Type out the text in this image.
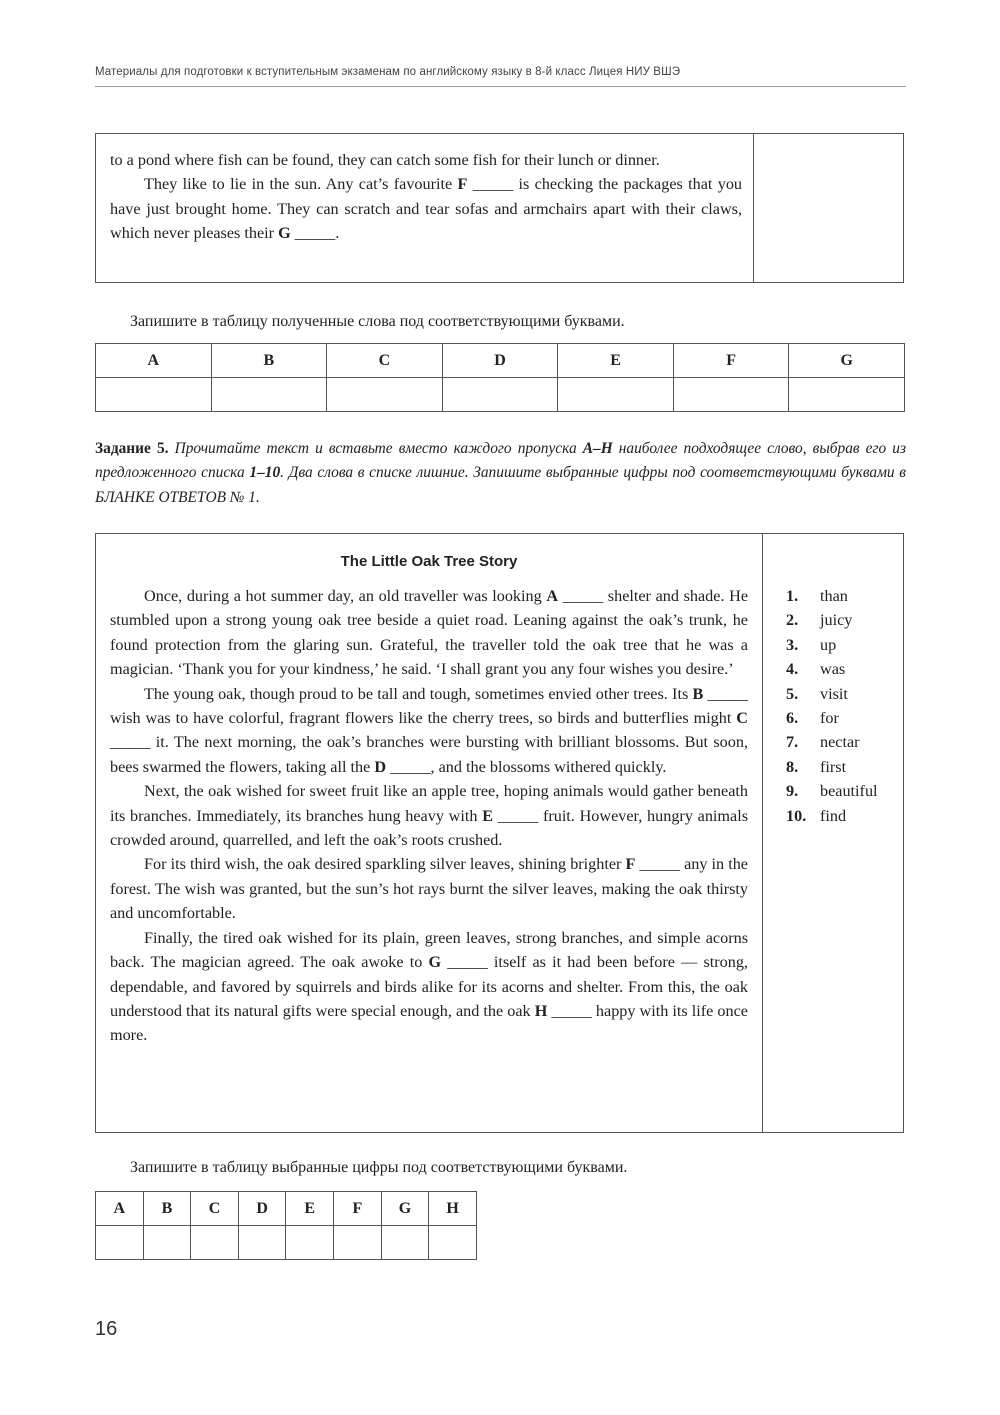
Материалы для подготовки к вступительным экзаменам по английскому языку в 8-й класс Лицея НИУ ВШЭ

to a pond where fish can be found, they can catch some fish for their lunch or dinner.

They like to lie in the sun. Any cat’s favourite F _____ is checking the packages that you have just brought home. They can scratch and tear sofas and armchairs apart with their claws, which never pleases their G _____.

Запишите в таблицу полученные слова под соответствующими буквами.
A	B	C	D	E	F	G

Задание 5. Прочитайте текст и вставьте вместо каждого пропуска A–H наиболее подходящее слово, выбрав его из предложенного списка 1–10. Два слова в списке лишние. Запишите выбранные цифры под соответствующими буквами в БЛАНКЕ ОТВЕТОВ № 1.
The Little Oak Tree Story

Once, during a hot summer day, an old traveller was looking A _____ shelter and shade. He stumbled upon a strong young oak tree beside a quiet road. Leaning against the oak’s trunk, he found protection from the glaring sun. Grateful, the traveller told the oak tree that he was a magician. ‘Thank you for your kindness,’ he said. ‘I shall grant you any four wishes you desire.’

The young oak, though proud to be tall and tough, sometimes envied other trees. Its B _____ wish was to have colorful, fragrant flowers like the cherry trees, so birds and butterflies might C _____ it. The next morning, the oak’s branches were bursting with brilliant blossoms. But soon, bees swarmed the flowers, taking all the D _____, and the blossoms withered quickly.

Next, the oak wished for sweet fruit like an apple tree, hoping animals would gather beneath its branches. Immediately, its branches hung heavy with E _____ fruit. However, hungry animals crowded around, quarrelled, and left the oak’s roots crushed.

For its third wish, the oak desired sparkling silver leaves, shining brighter F _____ any in the forest. The wish was granted, but the sun’s hot rays burnt the silver leaves, making the oak thirsty and uncomfortable.

Finally, the tired oak wished for its plain, green leaves, strong branches, and simple acorns back. The magician agreed. The oak awoke to G _____ itself as it had been before — strong, dependable, and favored by squirrels and birds alike for its acorns and shelter. From this, the oak understood that its natural gifts were special enough, and the oak H _____ happy with its life once more.

1.	than
2.	juicy
3.	up
4.	was
5.	visit
6.	for
7.	nectar
8.	first
9.	beautiful
10. find
Запишите в таблицу выбранные цифры под соответствующими буквами.
A	B	C	D	E	F	G	H

16
